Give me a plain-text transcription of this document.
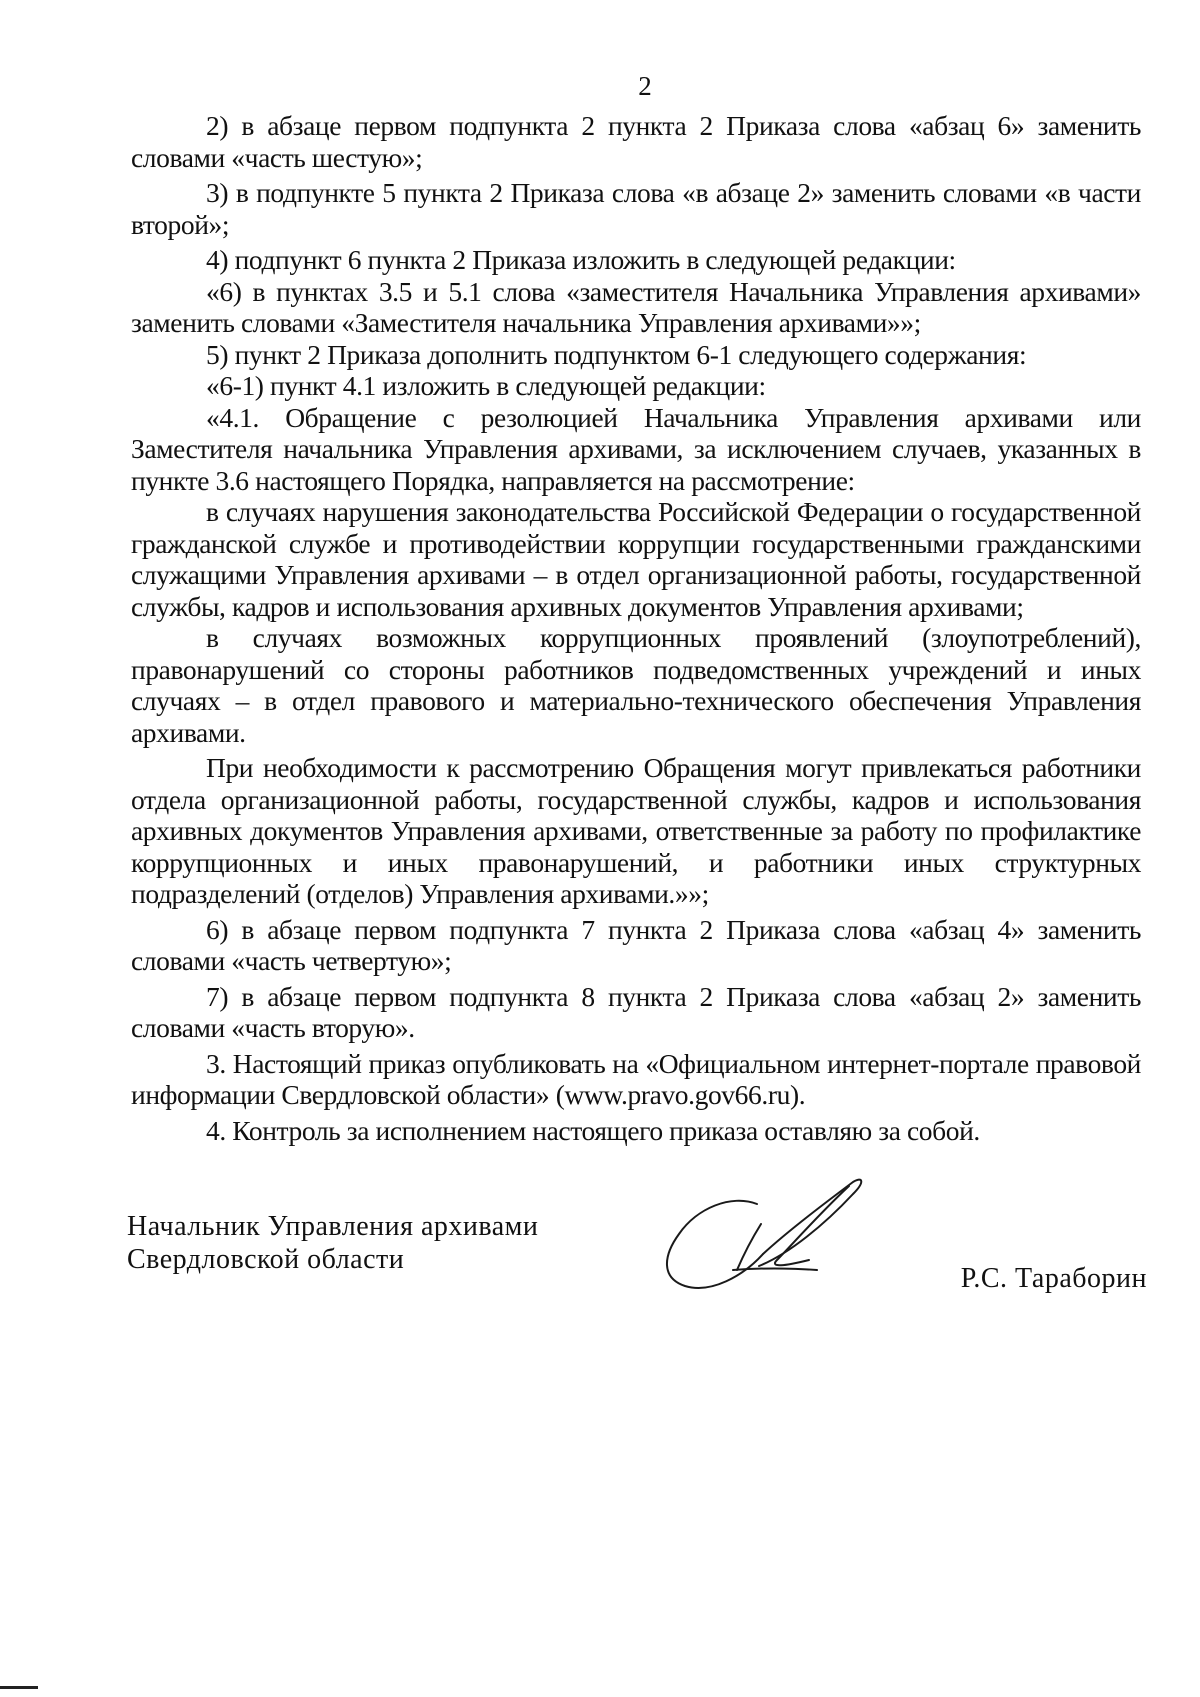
2

2) в абзаце первом подпункта 2 пункта 2 Приказа слова «абзац 6» заменить словами «часть шестую»;

3) в подпункте 5 пункта 2 Приказа слова «в абзаце 2» заменить словами «в части второй»;

4) подпункт 6 пункта 2 Приказа изложить в следующей редакции:

«6) в пунктах 3.5 и 5.1 слова «заместителя Начальника Управления архивами» заменить словами «Заместителя начальника Управления архивами»»;

5) пункт 2 Приказа дополнить подпунктом 6-1 следующего содержания:

«6-1) пункт 4.1 изложить в следующей редакции:

«4.1. Обращение с резолюцией Начальника Управления архивами или Заместителя начальника Управления архивами, за исключением случаев, указанных в пункте 3.6 настоящего Порядка, направляется на рассмотрение:

в случаях нарушения законодательства Российской Федерации о государственной гражданской службе и противодействии коррупции государственными гражданскими служащими Управления архивами – в отдел организационной работы, государственной службы, кадров и использования архивных документов Управления архивами;

в случаях возможных коррупционных проявлений (злоупотреблений), правонарушений со стороны работников подведомственных учреждений и иных случаях – в отдел правового и материально-технического обеспечения Управления архивами.

При необходимости к рассмотрению Обращения могут привлекаться работники отдела организационной работы, государственной службы, кадров и использования архивных документов Управления архивами, ответственные за работу по профилактике коррупционных и иных правонарушений, и работники иных структурных подразделений (отделов) Управления архивами.»»;

6) в абзаце первом подпункта 7 пункта 2 Приказа слова «абзац 4» заменить словами «часть четвертую»;

7) в абзаце первом подпункта 8 пункта 2 Приказа слова «абзац 2» заменить словами «часть вторую».

3. Настоящий приказ опубликовать на «Официальном интернет-портале правовой информации Свердловской области» (www.pravo.gov66.ru).

4. Контроль за исполнением настоящего приказа оставляю за собой.

Начальник Управления архивами
Свердловской области
Р.С. Тараборин
